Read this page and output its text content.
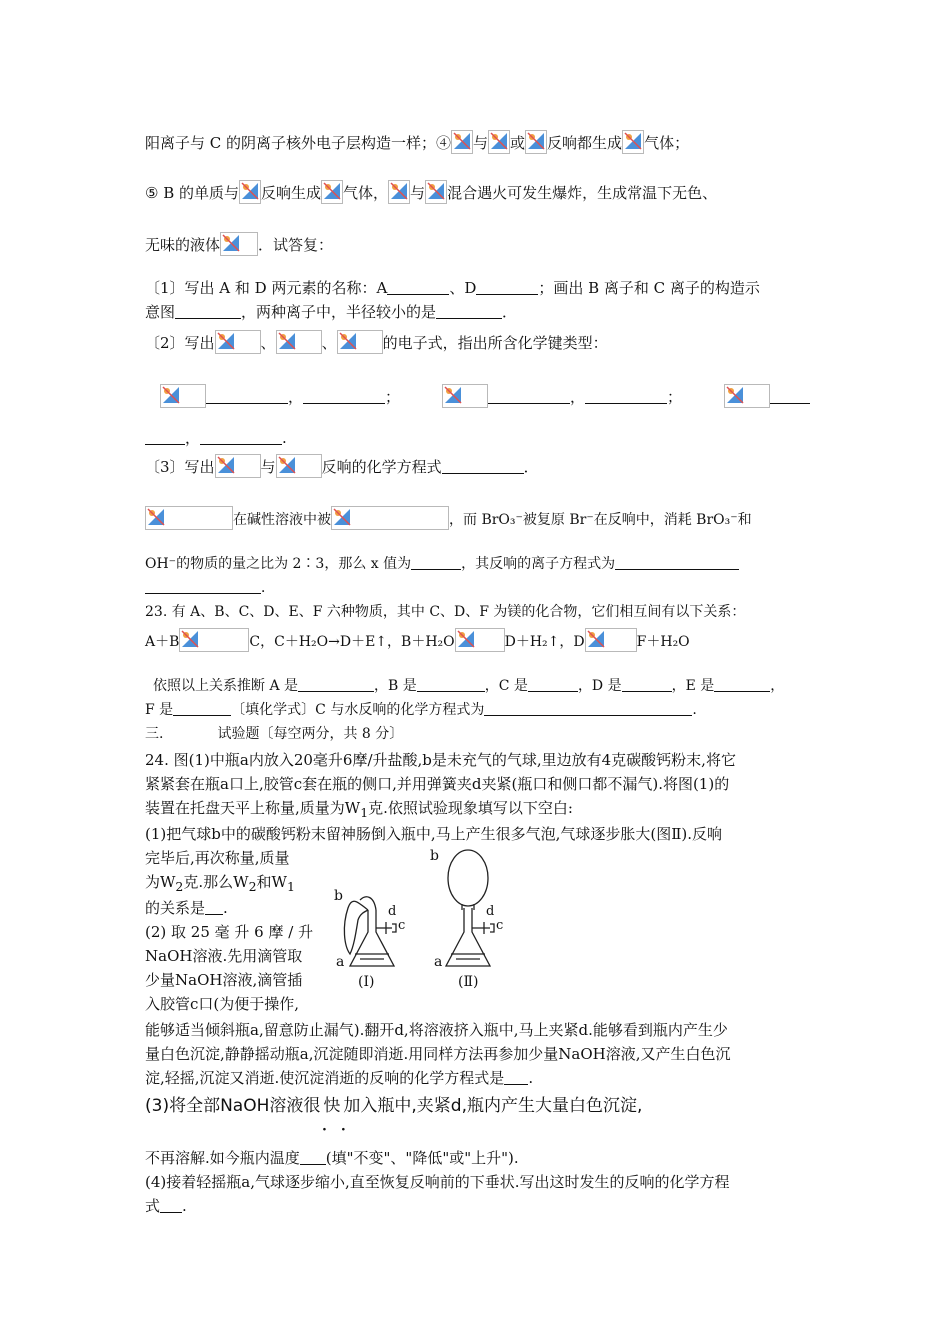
阳离子与 C 的阴离子核外电子层构造一样；④ 与 或 反响都生成 气体；
⑤ B 的单质与 反响生成 气体， 与 混合遇火可发生爆炸，生成常温下无色、
无味的液体	．试答复：
〔1〕写出 A 和 D 两元素的名称：A	、D	；画出 B 离子和 C 离子的构造示
意图	，两种离子中，半径较小的是	．
〔2〕写出	、	、	的电子式，指出所含化学键类型：
，	；	，	；
，	.
〔3〕写出	与	反响的化学方程式	．
在碱性溶液中被	，而 BrO₃⁻被复原 Br⁻在反响中，消耗 BrO₃⁻和
OH⁻的物质的量之比为 2∶3，那么 x 值为	，其反响的离子方程式为
．
23. 有 A、B、C、D、E、F 六种物质，其中 C、D、F 为镁的化合物，它们相互间有以下关系：
A＋B	C，C＋H₂O→D＋E↑，B＋H₂O	D＋H₂↑，D	F＋H₂O
依照以上关系推断 A 是	，B 是	，C 是	，D 是	，E 是	，
F 是	〔填化学式〕C 与水反响的化学方程式为	.
三.	试验题〔每空两分，共 8 分〕
24. 图(1)中瓶a内放入20毫升6摩/升盐酸,b是未充气的气球,里边放有4克碳酸钙粉末,将它
紧紧套在瓶a口上,胶管c套在瓶的侧口,并用弹簧夹d夹紧(瓶口和侧口都不漏气).将图(1)的
装置在托盘天平上称量,质量为$W_1$克.依照试验现象填写以下空白:
(1)把气球b中的碳酸钙粉末留神肠倒入瓶中,马上产生很多气泡,气球逐步胀大(图Ⅱ).反响
完毕后,再次称量,质量
为$W_2$克.那么$W_2$和$W_1$
的关系是 .
(2) 取 25 毫 升 6 摩 / 升
NaOH溶液.先用滴管取
少量NaOH溶液,滴管插
入胶管c口(为便于操作,
能够适当倾斜瓶a,留意防止漏气).翻开d,将溶液挤入瓶中,马上夹紧d.能够看到瓶内产生少
量白色沉淀,静静摇动瓶a,沉淀随即消逝.用同样方法再参加少量NaOH溶液,又产生白色沉
淀,轻摇,沉淀又消逝.使沉淀消逝的反响的化学方程式是 .
(3)将全部NaOH溶液很快加入瓶中,夹紧d,瓶内产生大量白色沉淀,
··
不再溶解.如今瓶内温度 (填"不变"、"降低"或"上升").
(4)接着轻摇瓶a,气球逐步缩小,直至恢复反响前的下垂状.写出这时发生的反响的化学方程
式 .
b
d
c
a
b
d
c
a
(Ⅰ)	(Ⅱ)
